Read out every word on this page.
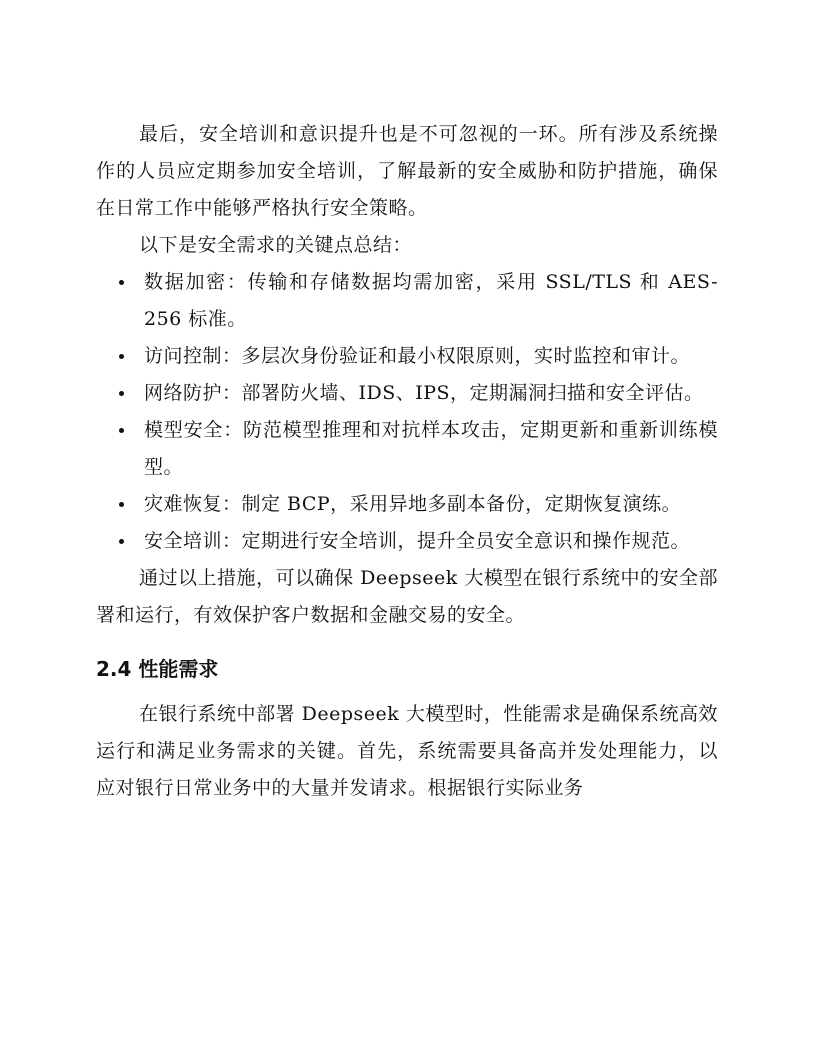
最后，安全培训和意识提升也是不可忽视的一环。所有涉及系统操作的人员应定期参加安全培训，了解最新的安全威胁和防护措施，确保在日常工作中能够严格执行安全策略。

以下是安全需求的关键点总结：

数据加密：传输和存储数据均需加密，采用 SSL/TLS 和 AES-256 标准。
访问控制：多层次身份验证和最小权限原则，实时监控和审计。
网络防护：部署防火墙、IDS、IPS，定期漏洞扫描和安全评估。
模型安全：防范模型推理和对抗样本攻击，定期更新和重新训练模型。
灾难恢复：制定 BCP，采用异地多副本备份，定期恢复演练。
安全培训：定期进行安全培训，提升全员安全意识和操作规范。

通过以上措施，可以确保 Deepseek 大模型在银行系统中的安全部署和运行，有效保护客户数据和金融交易的安全。

2.4 性能需求

在银行系统中部署 Deepseek 大模型时，性能需求是确保系统高效运行和满足业务需求的关键。首先，系统需要具备高并发处理能力，以应对银行日常业务中的大量并发请求。根据银行实际业务
